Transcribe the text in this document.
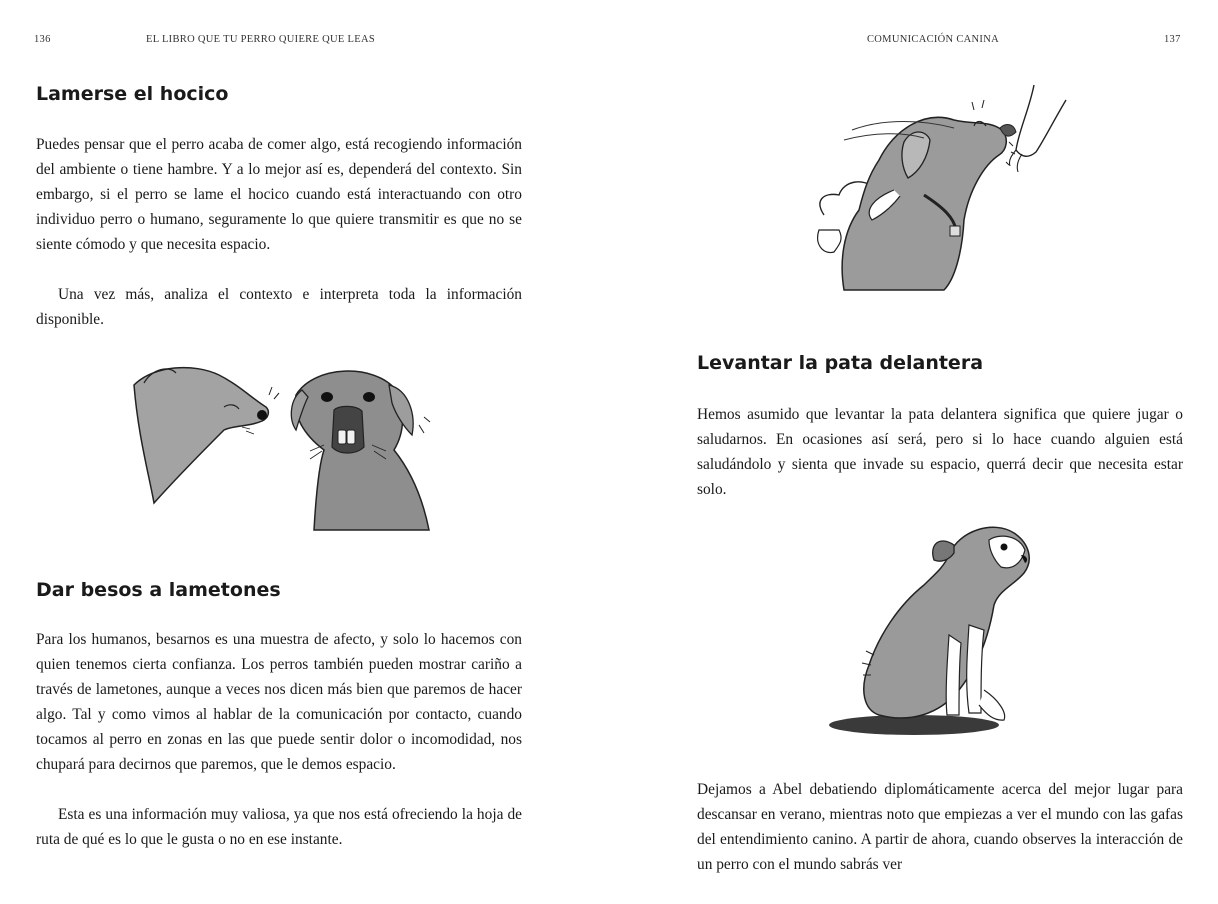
136	EL LIBRO QUE TU PERRO QUIERE QUE LEAS
Lamerse el hocico

Puedes pensar que el perro acaba de comer algo, está recogiendo información del ambiente o tiene hambre. Y a lo mejor así es, dependerá del contexto. Sin embargo, si el perro se lame el hocico cuando está interactuando con otro individuo perro o humano, seguramente lo que quiere transmitir es que no se siente cómodo y que necesita espacio.

Una vez más, analiza el contexto e interpreta toda la información disponible.

Dar besos a lametones

Para los humanos, besarnos es una muestra de afecto, y solo lo hacemos con quien tenemos cierta confianza. Los perros también pueden mostrar cariño a través de lametones, aunque a veces nos dicen más bien que paremos de hacer algo. Tal y como vimos al hablar de la comunicación por contacto, cuando tocamos al perro en zonas en las que puede sentir dolor o incomodidad, nos chupará para decirnos que paremos, que le demos espacio.

Esta es una información muy valiosa, ya que nos está ofreciendo la hoja de ruta de qué es lo que le gusta o no en ese instante.

COMUNICACIÓN CANINA	137
Levantar la pata delantera

Hemos asumido que levantar la pata delantera significa que quiere jugar o saludarnos. En ocasiones así será, pero si lo hace cuando alguien está saludándolo y sienta que invade su espacio, querrá decir que necesita estar solo.

Dejamos a Abel debatiendo diplomáticamente acerca del mejor lugar para descansar en verano, mientras noto que empiezas a ver el mundo con las gafas del entendimiento canino. A partir de ahora, cuando observes la interacción de un perro con el mundo sabrás ver
